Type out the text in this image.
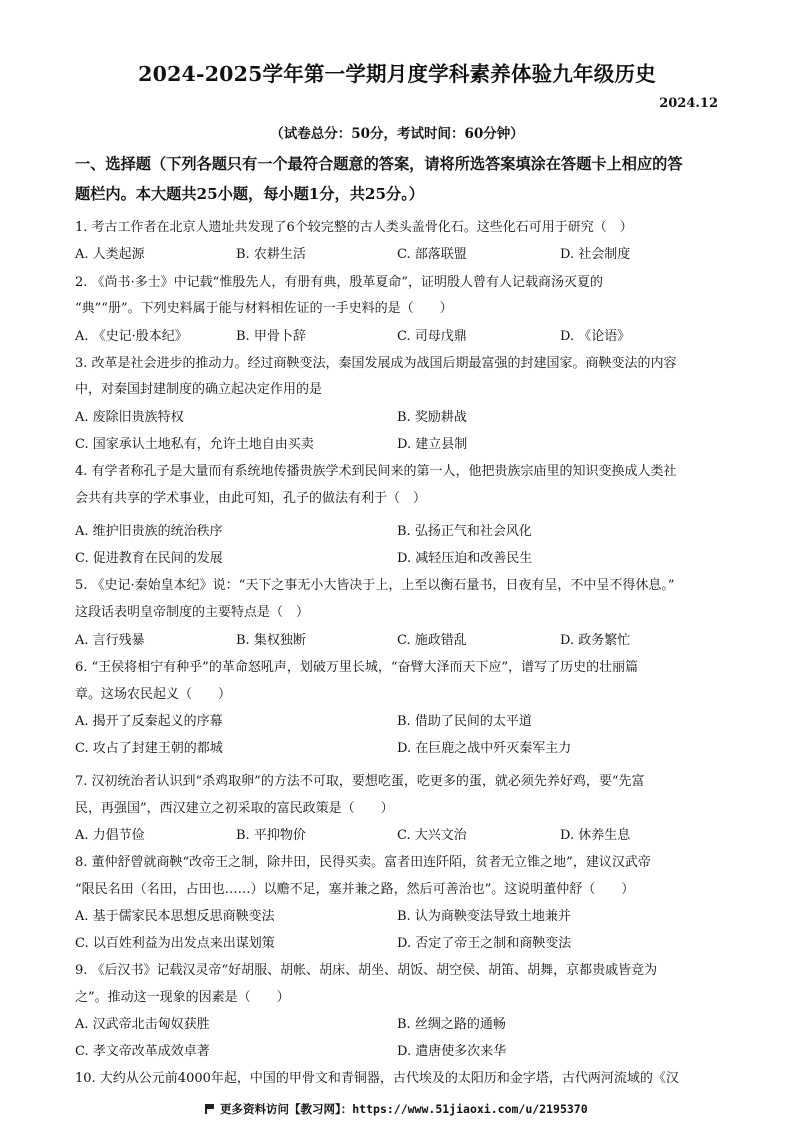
2024-2025学年第一学期月度学科素养体验九年级历史
2024.12
（试卷总分：50分，考试时间：60分钟）
一、选择题（下列各题只有一个最符合题意的答案，请将所选答案填涂在答题卡上相应的答
题栏内。本大题共25小题，每小题1分，共25分。）
1. 考古工作者在北京人遗址共发现了6个较完整的古人类头盖骨化石。这些化石可用于研究（　）
A. 人类起源	B. 农耕生活	C. 部落联盟	D. 社会制度
2. 《尚书·多士》中记载“惟殷先人，有册有典，殷革夏命”，证明殷人曾有人记载商汤灭夏的
“典”“册”。下列史料属于能与材料相佐证的一手史料的是（　　）
A. 《史记·殷本纪》	B. 甲骨卜辞	C. 司母戊鼎	D. 《论语》
3. 改革是社会进步的推动力。经过商鞅变法，秦国发展成为战国后期最富强的封建国家。商鞅变法的内容
中，对秦国封建制度的确立起决定作用的是
A. 废除旧贵族特权	B. 奖励耕战
C. 国家承认土地私有，允许土地自由买卖	D. 建立县制
4. 有学者称孔子是大量而有系统地传播贵族学术到民间来的第一人，他把贵族宗庙里的知识变换成人类社
会共有共享的学术事业，由此可知，孔子的做法有利于（　）
A. 维护旧贵族的统治秩序	B. 弘扬正气和社会风化
C. 促进教育在民间的发展	D. 减轻压迫和改善民生
5. 《史记·秦始皇本纪》说：“天下之事无小大皆决于上，上至以衡石量书，日夜有呈，不中呈不得休息。”
这段话表明皇帝制度的主要特点是（　）
A. 言行残暴	B. 集权独断	C. 施政错乱	D. 政务繁忙
6. “王侯将相宁有种乎”的革命怒吼声，划破万里长城，“奋臂大泽而天下应”，谱写了历史的壮丽篇
章。这场农民起义（　　）
A. 揭开了反秦起义的序幕	B. 借助了民间的太平道
C. 攻占了封建王朝的都城	D. 在巨鹿之战中歼灭秦军主力
7. 汉初统治者认识到“杀鸡取卵”的方法不可取，要想吃蛋，吃更多的蛋，就必须先养好鸡，要“先富
民，再强国”，西汉建立之初采取的富民政策是（　　）
A. 力倡节俭	B. 平抑物价	C. 大兴文治	D. 休养生息
8. 董仲舒曾就商鞅“改帝王之制，除井田，民得买卖。富者田连阡陌，贫者无立锥之地”，建议汉武帝
“限民名田（名田，占田也……）以赡不足，塞并兼之路，然后可善治也”。这说明董仲舒（　　）
A. 基于儒家民本思想反思商鞅变法	B. 认为商鞅变法导致土地兼并
C. 以百姓利益为出发点来出谋划策	D. 否定了帝王之制和商鞅变法
9. 《后汉书》记载汉灵帝“好胡服、胡帐、胡床、胡坐、胡饭、胡空侯、胡笛、胡舞，京都贵戚皆竞为
之”。推动这一现象的因素是（　　）
A. 汉武帝北击匈奴获胜	B. 丝绸之路的通畅
C. 孝文帝改革成效卓著	D. 遣唐使多次来华
10. 大约从公元前4000年起，中国的甲骨文和青铜器，古代埃及的太阳历和金字塔，古代两河流域的《汉
更多资料访问【教习网】：https://www.51jiaoxi.com/u/2195370
